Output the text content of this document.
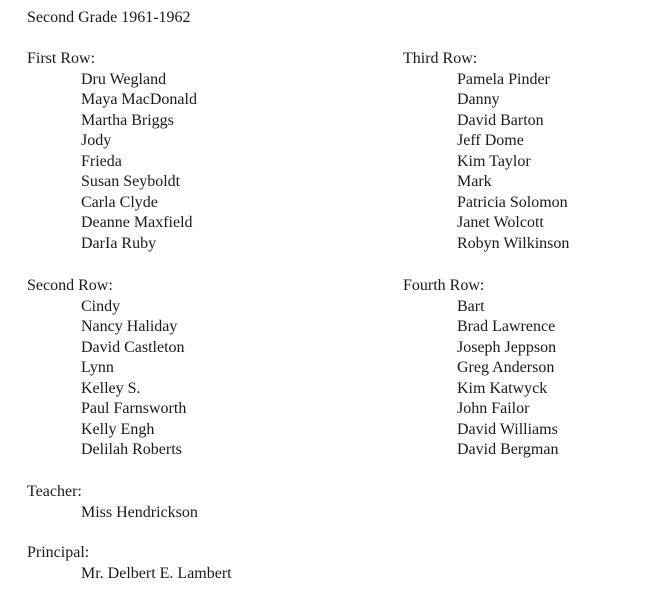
Second Grade 1961-1962
First Row:
Dru Wegland
Maya MacDonald
Martha Briggs
Jody
Frieda
Susan Seyboldt
Carla Clyde
Deanne Maxfield
DarIa Ruby
Third Row:
Pamela Pinder
Danny
David Barton
Jeff Dome
Kim Taylor
Mark
Patricia Solomon
Janet Wolcott
Robyn Wilkinson
Second Row:
Cindy
Nancy Haliday
David Castleton
Lynn
Kelley S.
Paul Farnsworth
Kelly Engh
Delilah Roberts
Fourth Row:
Bart
Brad Lawrence
Joseph Jeppson
Greg Anderson
Kim Katwyck
John Failor
David Williams
David Bergman
Teacher:
Miss Hendrickson
Principal:
Mr. Delbert E. Lambert
